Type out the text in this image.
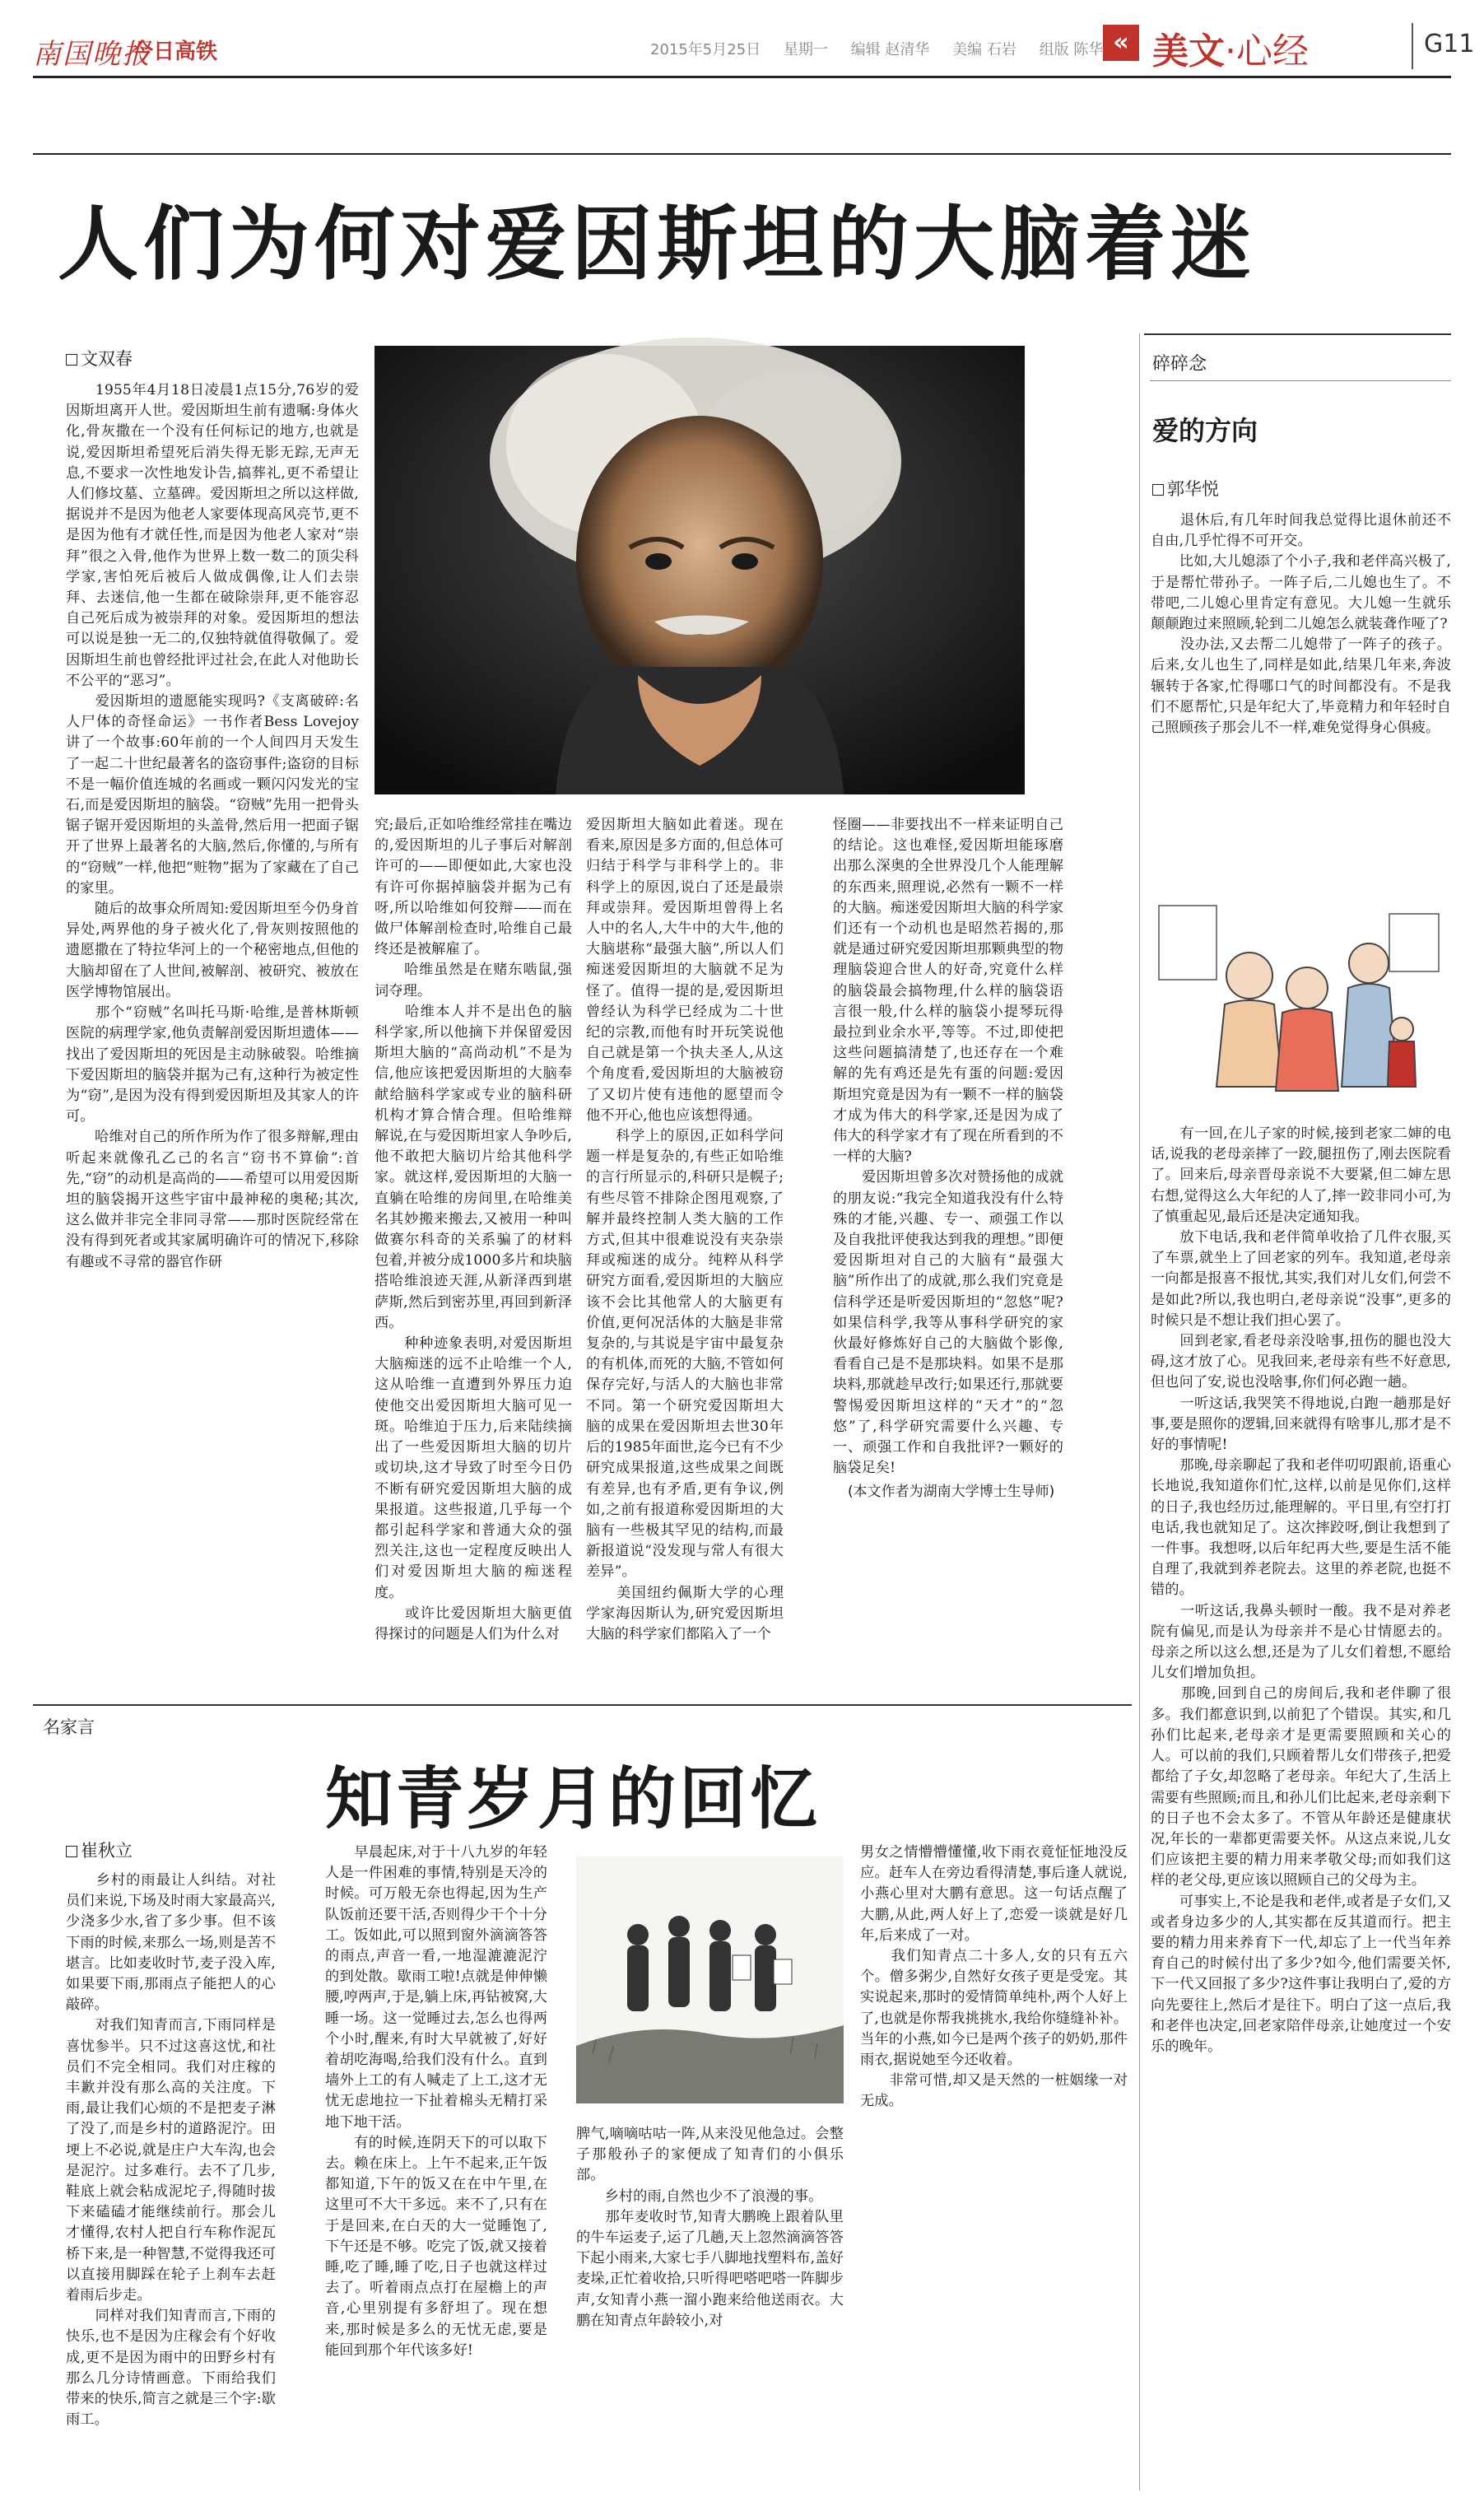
南国晚报
今日高铁	2015年5月25日 星期一 编辑 赵清华 美编 石岩 组版 陈华 « 美文·心经	G11
人们为何对爱因斯坦的大脑着迷
文双春
　　1955年4月18日凌晨1点15分,76岁的爱因斯坦离开人世。爱因斯坦生前有遗嘱:身体火化,骨灰撒在一个没有任何标记的地方,也就是说,爱因斯坦希望死后消失得无影无踪,无声无息,不要求一次性地发讣告,搞葬礼,更不希望让人们修坟墓、立墓碑。爱因斯坦之所以这样做,据说并不是因为他老人家要体现高风亮节,更不是因为他有才就任性,而是因为他老人家对“崇拜”很之入骨,他作为世界上数一数二的顶尖科学家,害怕死后被后人做成偶像,让人们去崇拜、去迷信,他一生都在破除崇拜,更不能容忍自己死后成为被崇拜的对象。爱因斯坦的想法可以说是独一无二的,仅独特就值得敬佩了。爱因斯坦生前也曾经批评过社会,在此人对他助长不公平的“恶习”。
　　爱因斯坦的遗愿能实现吗?《支离破碎:名人尸体的奇怪命运》一书作者Bess Lovejoy讲了一个故事:60年前的一个人间四月天发生了一起二十世纪最著名的盗窃事件;盗窃的目标不是一幅价值连城的名画或一颗闪闪发光的宝石,而是爱因斯坦的脑袋。“窃贼”先用一把骨头锯子锯开爱因斯坦的头盖骨,然后用一把面子锯开了世界上最著名的大脑,然后,你懂的,与所有的“窃贼”一样,他把“赃物”据为了家藏在了自己的家里。
　　随后的故事众所周知:爱因斯坦至今仍身首异处,两界他的身子被火化了,骨灰则按照他的遗愿撒在了特拉华河上的一个秘密地点,但他的大脑却留在了人世间,被解剖、被研究、被放在医学博物馆展出。
　　那个“窃贼”名叫托马斯·哈维,是普林斯顿医院的病理学家,他负责解剖爱因斯坦遗体——找出了爱因斯坦的死因是主动脉破裂。哈维摘下爱因斯坦的脑袋并据为己有,这种行为被定性为“窃”,是因为没有得到爱因斯坦及其家人的许可。
　　哈维对自己的所作所为作了很多辩解,理由听起来就像孔乙己的名言“窃书不算偷”:首先,“窃”的动机是高尚的——希望可以用爱因斯坦的脑袋揭开这些宇宙中最神秘的奥秘;其次,这么做并非完全非同寻常——那时医院经常在没有得到死者或其家属明确许可的情况下,移除有趣或不寻常的器官作研
究;最后,正如哈维经常挂在嘴边的,爱因斯坦的儿子事后对解剖许可的——即便如此,大家也没有许可你据掉脑袋并据为己有呀,所以哈维如何狡辩——而在做尸体解剖检查时,哈维自己最终还是被解雇了。
　　哈维虽然是在赌东啮鼠,强词夺理。
　　哈维本人并不是出色的脑科学家,所以他摘下并保留爱因斯坦大脑的“高尚动机”不是为信,他应该把爱因斯坦的大脑奉献给脑科学家或专业的脑科研机构才算合情合理。但哈维辩解说,在与爱因斯坦家人争吵后,他不敢把大脑切片给其他科学家。就这样,爱因斯坦的大脑一直躺在哈维的房间里,在哈维美名其妙搬来搬去,又被用一种叫做赛尔科奇的关系骗了的材料包着,并被分成1000多片和块脑搭哈维浪迹天涯,从新泽西到堪萨斯,然后到密苏里,再回到新泽西。
　　种种迹象表明,对爱因斯坦大脑痴迷的远不止哈维一个人,这从哈维一直遭到外界压力迫使他交出爱因斯坦大脑可见一斑。哈维迫于压力,后来陆续摘出了一些爱因斯坦大脑的切片或切块,这才导致了时至今日仍不断有研究爱因斯坦大脑的成果报道。这些报道,几乎每一个都引起科学家和普通大众的强烈关注,这也一定程度反映出人们对爱因斯坦大脑的痴迷程度。
　　或许比爱因斯坦大脑更值得探讨的问题是人们为什么对
爱因斯坦大脑如此着迷。现在看来,原因是多方面的,但总体可归结于科学与非科学上的。非科学上的原因,说白了还是最崇拜或崇拜。爱因斯坦曾得上名人中的名人,大牛中的大牛,他的大脑堪称“最强大脑”,所以人们痴迷爱因斯坦的大脑就不足为怪了。值得一提的是,爱因斯坦曾经认为科学已经成为二十世纪的宗教,而他有时开玩笑说他自己就是第一个执夫圣人,从这个角度看,爱因斯坦的大脑被窃了又切片使有违他的愿望而令他不开心,他也应该想得通。
　　科学上的原因,正如科学问题一样是复杂的,有些正如哈维的言行所显示的,科研只是幌子;有些尽管不排除企图甩观察,了解并最终控制人类大脑的工作方式,但其中很难说没有夹杂崇拜或痴迷的成分。纯粹从科学研究方面看,爱因斯坦的大脑应该不会比其他常人的大脑更有价值,更何况活体的大脑是非常复杂的,与其说是宇宙中最复杂的有机体,而死的大脑,不管如何保存完好,与活人的大脑也非常不同。第一个研究爱因斯坦大脑的成果在爱因斯坦去世30年后的1985年面世,迄今已有不少研究成果报道,这些成果之间既有差异,也有矛盾,更有争议,例如,之前有报道称爱因斯坦的大脑有一些极其罕见的结构,而最新报道说“没发现与常人有很大差异”。
　　美国纽约佩斯大学的心理学家海因斯认为,研究爱因斯坦大脑的科学家们都陷入了一个
怪圈——非要找出不一样来证明自己的结论。这也难怪,爱因斯坦能琢磨出那么深奥的全世界没几个人能理解的东西来,照理说,必然有一颗不一样的大脑。痴迷爱因斯坦大脑的科学家们还有一个动机也是昭然若揭的,那就是通过研究爱因斯坦那颗典型的物理脑袋迎合世人的好奇,究竟什么样的脑袋最会搞物理,什么样的脑袋语言很一般,什么样的脑袋小提琴玩得最拉到业余水平,等等。不过,即使把这些问题搞清楚了,也还存在一个难解的先有鸡还是先有蛋的问题:爱因斯坦究竟是因为有一颗不一样的脑袋才成为伟大的科学家,还是因为成了伟大的科学家才有了现在所看到的不一样的大脑?
　　爱因斯坦曾多次对赞扬他的成就的朋友说:“我完全知道我没有什么特殊的才能,兴趣、专一、顽强工作以及自我批评使我达到我的理想。”即便爱因斯坦对自己的大脑有“最强大脑”所作出了的成就,那么我们究竟是信科学还是听爱因斯坦的“忽悠”呢?如果信科学,我等从事科学研究的家伙最好修炼好自己的大脑做个影像,看看自己是不是那块料。如果不是那块料,那就趁早改行;如果还行,那就要警惕爱因斯坦这样的“天才”的“忽悠”了,科学研究需要什么兴趣、专一、顽强工作和自我批评?一颗好的脑袋足矣!
(本文作者为湖南大学博士生导师)
碎碎念
爱的方向
郭华悦
　　退休后,有几年时间我总觉得比退休前还不自由,几乎忙得不可开交。
　　比如,大儿媳添了个小子,我和老伴高兴极了,于是帮忙带孙子。一阵子后,二儿媳也生了。不带吧,二儿媳心里肯定有意见。大儿媳一生就乐颠颠跑过来照顾,轮到二儿媳怎么就装聋作哑了?
　　没办法,又去帮二儿媳带了一阵子的孩子。后来,女儿也生了,同样是如此,结果几年来,奔波辗转于各家,忙得哪口气的时间都没有。不是我们不愿帮忙,只是年纪大了,毕竟精力和年轻时自己照顾孩子那会儿不一样,难免觉得身心俱疲。
　　有一回,在儿子家的时候,接到老家二婶的电话,说我的老母亲摔了一跤,腿扭伤了,刚去医院看了。回来后,母亲晋母亲说不大要紧,但二婶左思右想,觉得这么大年纪的人了,摔一跤非同小可,为了慎重起见,最后还是决定通知我。
　　放下电话,我和老伴简单收拾了几件衣服,买了车票,就坐上了回老家的列车。我知道,老母亲一向都是报喜不报忧,其实,我们对儿女们,何尝不是如此?所以,我也明白,老母亲说“没事”,更多的时候只是不想让我们担心罢了。
　　回到老家,看老母亲没啥事,扭伤的腿也没大碍,这才放了心。见我回来,老母亲有些不好意思,但也问了安,说也没啥事,你们何必跑一趟。
　　一听这话,我哭笑不得地说,白跑一趟那是好事,要是照你的逻辑,回来就得有啥事儿,那才是不好的事情呢!
　　那晚,母亲聊起了我和老伴叨叨跟前,语重心长地说,我知道你们忙,这样,以前是见你们,这样的日子,我也经历过,能理解的。平日里,有空打打电话,我也就知足了。这次摔跤呀,倒让我想到了一件事。我想呀,以后年纪再大些,要是生活不能自理了,我就到养老院去。这里的养老院,也挺不错的。
　　一听这话,我鼻头顿时一酸。我不是对养老院有偏见,而是认为母亲并不是心甘情愿去的。母亲之所以这么想,还是为了儿女们着想,不愿给儿女们增加负担。
　　那晚,回到自己的房间后,我和老伴聊了很多。我们都意识到,以前犯了个错误。其实,和几孙们比起来,老母亲才是更需要照顾和关心的人。可以前的我们,只顾着帮儿女们带孩子,把爱都给了子女,却忽略了老母亲。年纪大了,生活上需要有些照顾;而且,和孙儿们比起来,老母亲剩下的日子也不会太多了。不管从年龄还是健康状况,年长的一辈都更需要关怀。从这点来说,儿女们应该把主要的精力用来孝敬父母;而如我们这样的老父母,更应该以照顾自己的父母为主。
　　可事实上,不论是我和老伴,或者是子女们,又或者身边多少的人,其实都在反其道而行。把主要的精力用来养育下一代,却忘了上一代当年养育自己的时候付出了多少?如今,他们需要关怀,下一代又回报了多少?这件事让我明白了,爱的方向先要往上,然后才是往下。明白了这一点后,我和老伴也决定,回老家陪伴母亲,让她度过一个安乐的晚年。
名家言
知青岁月的回忆
崔秋立
　　乡村的雨最让人纠结。对社员们来说,下场及时雨大家最高兴,少浇多少水,省了多少事。但不该下雨的时候,来那么一场,则是苦不堪言。比如麦收时节,麦子没入库,如果要下雨,那雨点子能把人的心敲碎。
　　对我们知青而言,下雨同样是喜忧参半。只不过这喜这忧,和社员们不完全相同。我们对庄稼的丰歉并没有那么高的关注度。下雨,最让我们心烦的不是把麦子淋了没了,而是乡村的道路泥泞。田埂上不必说,就是庄户大车沟,也会是泥泞。过多难行。去不了几步,鞋底上就会粘成泥坨子,得随时拔下来磕磕才能继续前行。那会儿才懂得,农村人把自行车称作泥瓦桥下来,是一种智慧,不觉得我还可以直接用脚踩在轮子上刹车去赶着雨后步走。
　　同样对我们知青而言,下雨的快乐,也不是因为庄稼会有个好收成,更不是因为雨中的田野乡村有那么几分诗情画意。下雨给我们带来的快乐,简言之就是三个字:歇雨工。
　　早晨起床,对于十八九岁的年轻人是一件困难的事情,特别是天冷的时候。可万般无奈也得起,因为生产队饭前还要干活,否则得少干个十分工。饭如此,可以照到窗外滴滴答答的雨点,声音一看,一地湿漉漉泥泞的到处散。歇雨工啦!点就是伸伸懒腰,哼两声,于是,躺上床,再钻被窝,大睡一场。这一觉睡过去,怎么也得两个小时,醒来,有时大早就被了,好好着胡吃海喝,给我们没有什么。直到墙外上工的有人喊走了上工,这才无忧无虑地拉一下扯着棉头无精打采地下地干活。
　　有的时候,连阴天下的可以取下去。赖在床上。上午不起来,正午饭都知道,下午的饭又在在中午里,在这里可不大干多远。来不了,只有在于是回来,在白天的大一觉睡饱了,下午还是不够。吃完了饭,就又接着睡,吃了睡,睡了吃,日子也就这样过去了。听着雨点点打在屋檐上的声音,心里别提有多舒坦了。现在想来,那时候是多么的无忧无虑,要是能回到那个年代该多好!
脾气,嘀嘀咕咕一阵,从来没见他急过。会整子那般孙子的家便成了知青们的小俱乐部。
　　乡村的雨,自然也少不了浪漫的事。
　　那年麦收时节,知青大鹏晚上跟着队里的牛车运麦子,运了几趟,天上忽然滴滴答答下起小雨来,大家七手八脚地找塑料布,盖好麦垛,正忙着收拾,只听得吧嗒吧嗒一阵脚步声,女知青小燕一溜小跑来给他送雨衣。大鹏在知青点年龄较小,对
男女之情懵懵懂懂,收下雨衣竟怔怔地没反应。赶车人在旁边看得清楚,事后逢人就说,小燕心里对大鹏有意思。这一句话点醒了大鹏,从此,两人好上了,恋爱一谈就是好几年,后来成了一对。
　　我们知青点二十多人,女的只有五六个。僧多粥少,自然好女孩子更是受宠。其实说起来,那时的爱情简单纯朴,两个人好上了,也就是你帮我挑挑水,我给你缝缝补补。当年的小燕,如今已是两个孩子的奶奶,那件雨衣,据说她至今还收着。
　　非常可惜,却又是天然的一桩姻缘一对无成。
